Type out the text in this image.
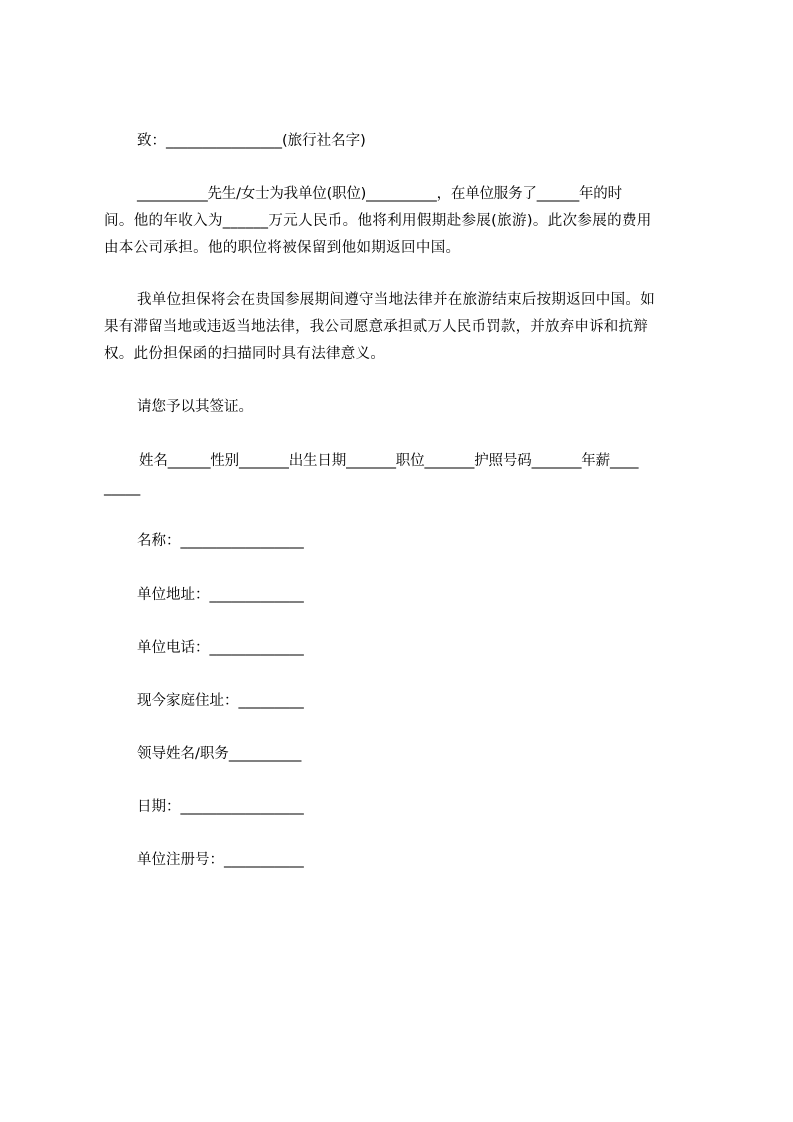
致：________________(旅行社名字)
__________先生/女士为我单位(职位)__________，在单位服务了______年的时
间。他的年收入为______万元人民币。他将利用假期赴参展(旅游)。此次参展的费用
由本公司承担。他的职位将被保留到他如期返回中国。
我单位担保将会在贵国参展期间遵守当地法律并在旅游结束后按期返回中国。如
果有滞留当地或违返当地法律，我公司愿意承担贰万人民币罚款，并放弃申诉和抗辩
权。此份担保函的扫描同时具有法律意义。
请您予以其签证。
姓名______性别_______出生日期_______职位_______护照号码_______年薪____
_____
名称：_________________
单位地址：_____________
单位电话：_____________
现今家庭住址：_________
领导姓名/职务__________
日期：_________________
单位注册号：___________
